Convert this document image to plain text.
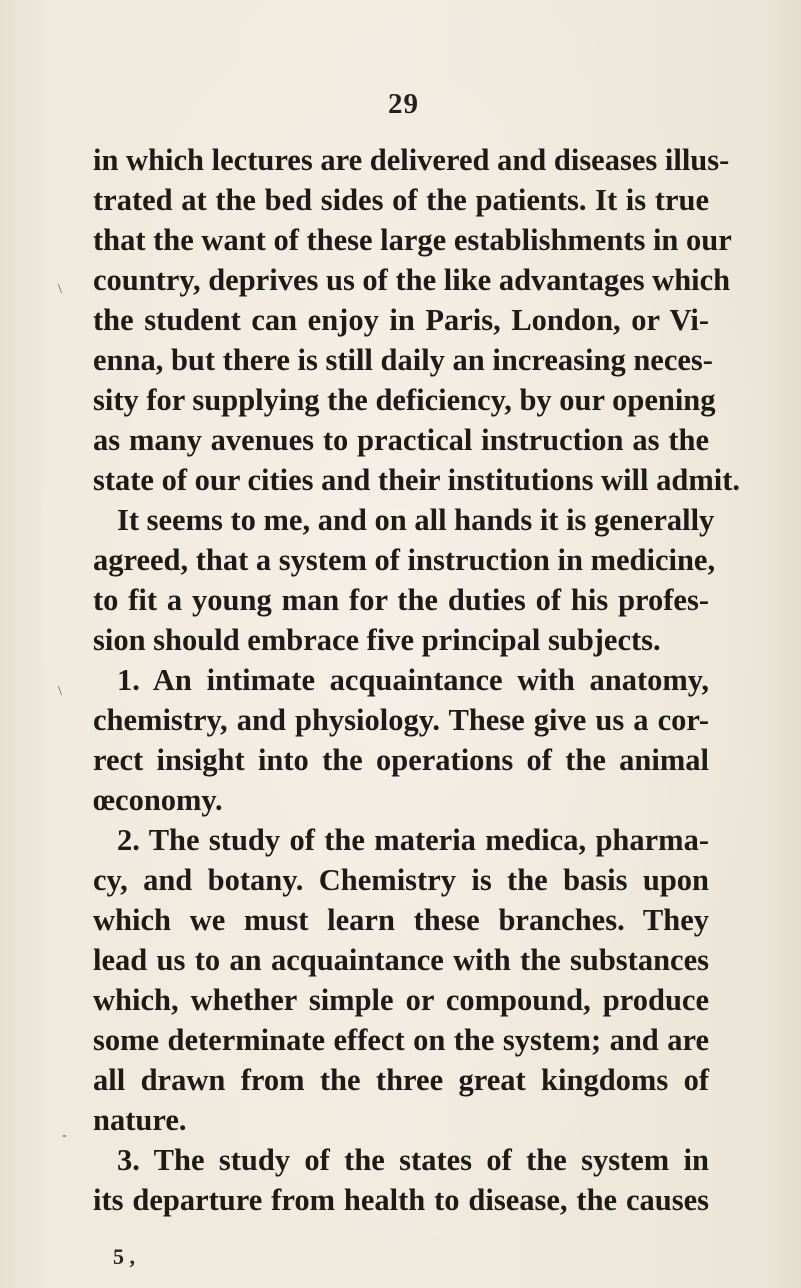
29
\
\
-
in which lectures are delivered and diseases illus-
trated at the bed sides of the patients. It is true
that the want of these large establishments in our
country, deprives us of the like advantages which
the student can enjoy in Paris, London, or Vi-
enna, but there is still daily an increasing neces-
sity for supplying the deficiency, by our opening
as many avenues to practical instruction as the
state of our cities and their institutions will admit.
It seems to me, and on all hands it is generally
agreed, that a system of instruction in medicine,
to fit a young man for the duties of his profes-
sion should embrace five principal subjects.
1. An intimate acquaintance with anatomy,
chemistry, and physiology. These give us a cor-
rect insight into the operations of the animal
œconomy.
2. The study of the materia medica, pharma-
cy, and botany. Chemistry is the basis upon
which we must learn these branches. They
lead us to an acquaintance with the substances
which, whether simple or compound, produce
some determinate effect on the system; and are
all drawn from the three great kingdoms of
nature.
3. The study of the states of the system in
its departure from health to disease, the causes
5 ,
